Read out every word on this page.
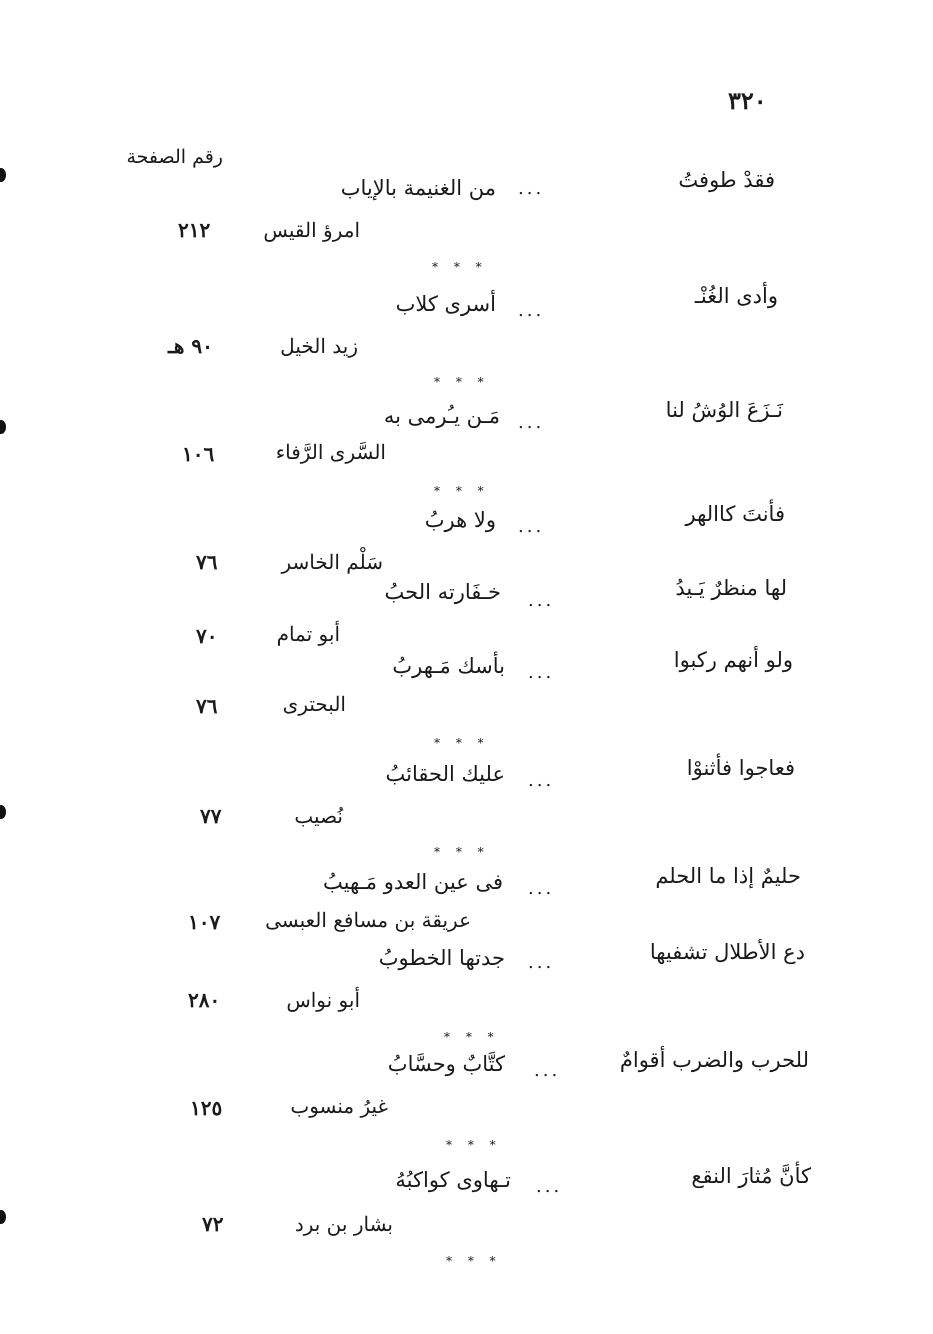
٣٢٠
رقم الصفحة
فقدْ طوفتُ
...
من الغنيمة بالإياب
امرؤ القيس
٢١٢
* * *
وأدى الغُنْـ
...
أسرى كلاب
زيد الخيل
٩٠ هـ
* * *
نَـزَعَ الوُشُ لنا
...
مَـن يـُرمى به
السَّرى الرَّفاء
١٠٦
* * *
فأنتَ كاالهر
...
ولا هربُ
سَلْم الخاسر
٧٦
لها منظرٌ يَـيدُ
...
خـفَارته الحبُ
أبو تمام
٧٠
ولو أنهم ركبوا
...
بأسك مَـهربُ
البحترى
٧٦
* * *
فعاجوا فأثنوْا
...
عليك الحقائبُ
نُصيب
٧٧
* * *
حليمٌ إذا ما الحلم
...
فى عين العدو مَـهيبُ
عريقة بن مسافع العبسى
١٠٧
دع الأطلال تشفيها
...
جدتها الخطوبُ
أبو نواس
٢٨٠
* * *
للحرب والضرب أقوامٌ
...
كتَّابٌ وحسَّابُ
غيرُ منسوب
١٢٥
* * *
كأنَّ مُثارَ النقع
...
تـهاوى كواكبُهُ
بشار بن برد
٧٢
* * *
